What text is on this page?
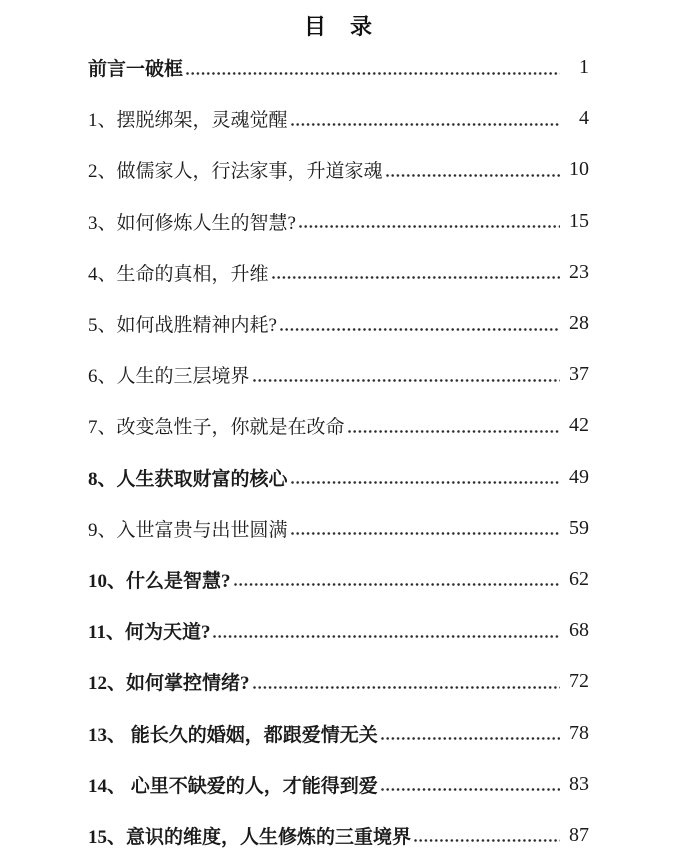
目　录
前言一破框	1
1、摆脱绑架，灵魂觉醒	4
2、做儒家人，行法家事，升道家魂	10
3、如何修炼人生的智慧?	15
4、生命的真相，升维	23
5、如何战胜精神内耗?	28
6、人生的三层境界	37
7、改变急性子，你就是在改命	42
8、人生获取财富的核心	49
9、入世富贵与出世圆满	59
10、什么是智慧?	62
11、何为天道?	68
12、如何掌控情绪?	72
13、 能长久的婚姻，都跟爱情无关	78
14、 心里不缺爱的人，才能得到爱	83
15、意识的维度，人生修炼的三重境界	87
